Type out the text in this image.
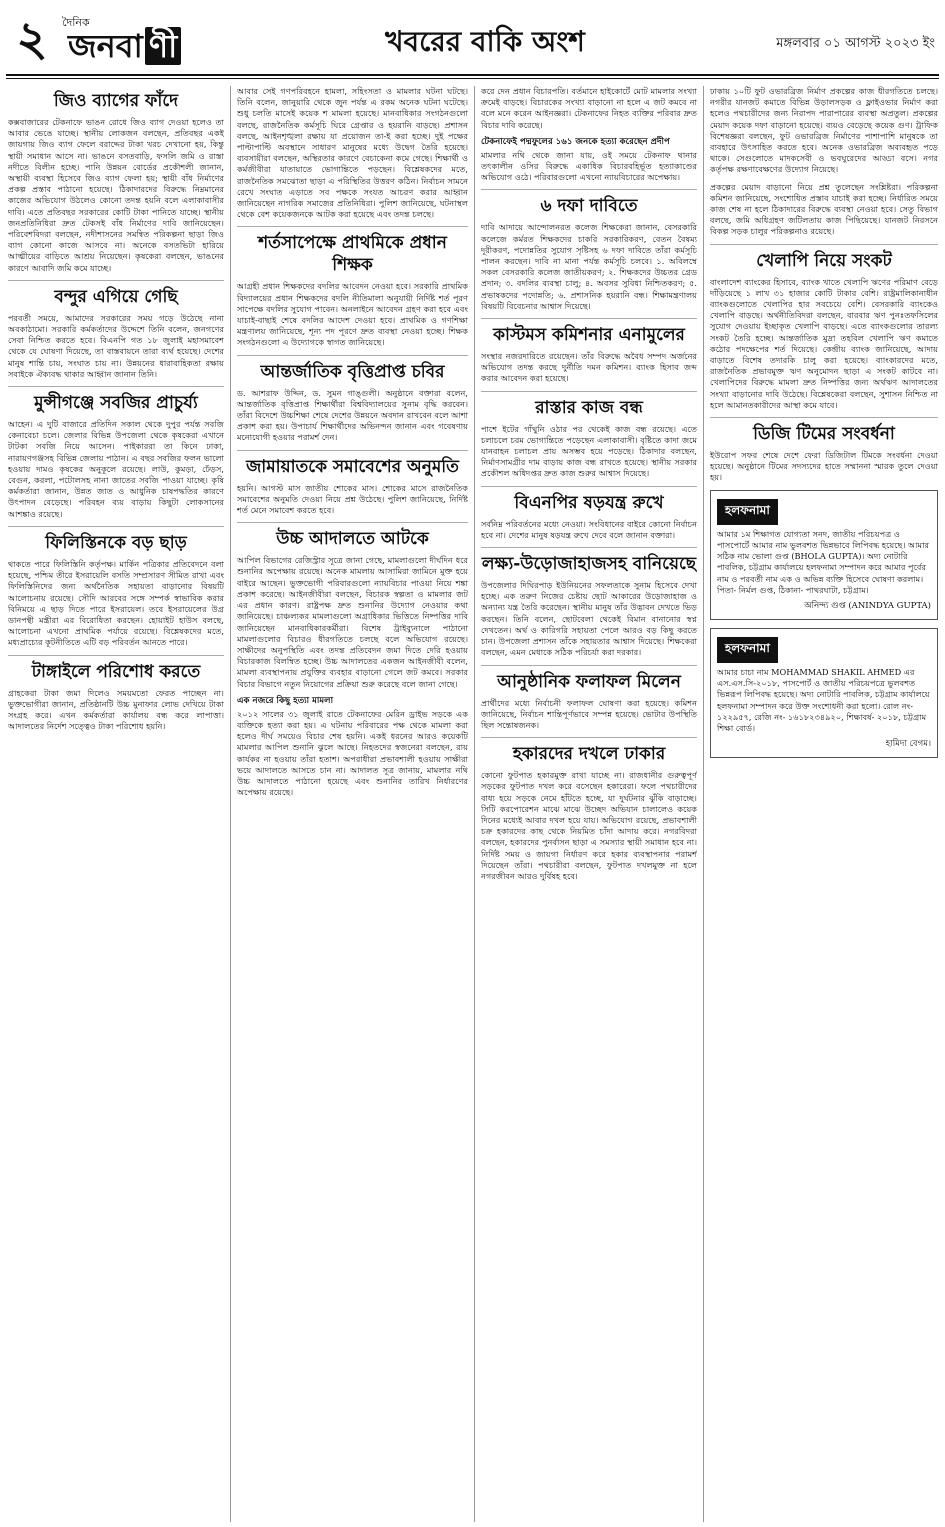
২	দৈনিক
জনবা ণী	খবরের বাকি অংশ	মঙ্গলবার ০১ আগস্ট ২০২৩ ইং
জিও ব্যাগের ফাঁদে

কক্সবাজারের টেকনাফে ভাঙন রোধে জিও ব্যাগ দেওয়া হলেও তা আবার ভেঙে যাচ্ছে। স্থানীয় লোকজন বলছেন, প্রতিবছর একই জায়গায় জিও ব্যাগ ফেলে বরাদ্দের টাকা খরচ দেখানো হয়, কিন্তু স্থায়ী সমাধান আসে না। ভাঙনে বসতবাড়ি, ফসলি জমি ও রাস্তা নদীতে বিলীন হচ্ছে। পানি উন্নয়ন বোর্ডের প্রকৌশলী জানান, অস্থায়ী ব্যবস্থা হিসেবে জিও ব্যাগ ফেলা হয়; স্থায়ী বাঁধ নির্মাণের প্রকল্প প্রস্তাব পাঠানো হয়েছে। ঠিকাদারদের বিরুদ্ধে নিম্নমানের কাজের অভিযোগ উঠলেও কোনো তদন্ত হয়নি বলে এলাকাবাসীর দাবি। এতে প্রতিবছর সরকারের কোটি টাকা পানিতে যাচ্ছে। স্থানীয় জনপ্রতিনিধিরা দ্রুত টেকসই বাঁধ নির্মাণের দাবি জানিয়েছেন। পরিবেশবিদরা বলছেন, নদীশাসনের সমন্বিত পরিকল্পনা ছাড়া জিও ব্যাগ কোনো কাজে আসবে না। অনেকে বসতভিটা হারিয়ে আত্মীয়ের বাড়িতে আশ্রয় নিয়েছেন। কৃষকেরা বলছেন, ভাঙনের কারণে আবাদি জমি কমে যাচ্ছে।

বন্দুর এগিয়ে গেছি

পরবর্তী সময়ে, আমাদের সরকারের সময় গড়ে উঠেছে নানা অবকাঠামো। সরকারি কর্মকর্তাদের উদ্দেশে তিনি বলেন, জনগণের সেবা নিশ্চিত করতে হবে। বিএনপি গত ১৮ জুলাই মহাসমাবেশ থেকে যে ঘোষণা দিয়েছে, তা বাস্তবায়নে তারা ব্যর্থ হয়েছে। দেশের মানুষ শান্তি চায়, সংঘাত চায় না। উন্নয়নের ধারাবাহিকতা রক্ষায় সবাইকে ঐক্যবদ্ধ থাকার আহ্বান জানান তিনি।

মুন্সীগঞ্জে সবজির প্রাচুর্য্য

আহেন। এ দুটি বাজারে প্রতিদিন সকাল থেকে দুপুর পর্যন্ত সবজি কেনাবেচা চলে। জেলার বিভিন্ন উপজেলা থেকে কৃষকেরা এখানে টাটকা সবজি নিয়ে আসেন। পাইকাররা তা কিনে ঢাকা, নারায়ণগঞ্জসহ বিভিন্ন জেলায় পাঠান। এ বছর সবজির ফলন ভালো হওয়ায় দামও কৃষকের অনুকূলে রয়েছে। লাউ, কুমড়া, ঢেঁড়স, বেগুন, করলা, পটোলসহ নানা জাতের সবজি পাওয়া যাচ্ছে। কৃষি কর্মকর্তারা জানান, উন্নত জাত ও আধুনিক চাষপদ্ধতির কারণে উৎপাদন বেড়েছে। পরিবহন ব্যয় বাড়ায় কিছুটা লোকসানের আশঙ্কাও রয়েছে।

ফিলিস্তিনকে বড় ছাড়

থাকতে পারে ফিলিস্তিনি কর্তৃপক্ষ। মার্কিন পত্রিকার প্রতিবেদনে বলা হয়েছে, পশ্চিম তীরে ইসরায়েলি বসতি সম্প্রসারণ সীমিত রাখা এবং ফিলিস্তিনিদের জন্য অর্থনৈতিক সহায়তা বাড়ানোর বিষয়টি আলোচনায় রয়েছে। সৌদি আরবের সঙ্গে সম্পর্ক স্বাভাবিক করার বিনিময়ে এ ছাড় দিতে পারে ইসরায়েল। তবে ইসরায়েলের উগ্র ডানপন্থী মন্ত্রীরা এর বিরোধিতা করছেন। হোয়াইট হাউস বলছে, আলোচনা এখনো প্রাথমিক পর্যায়ে রয়েছে। বিশ্লেষকদের মতে, মধ্যপ্রাচ্যের কূটনীতিতে এটি বড় পরিবর্তন আনতে পারে।

টাঙ্গাইলে পরিশোধ করতে

গ্রাহকেরা টাকা জমা দিলেও সময়মতো ফেরত পাচ্ছেন না। ভুক্তভোগীরা জানান, প্রতিষ্ঠানটি উচ্চ মুনাফার লোভ দেখিয়ে টাকা সংগ্রহ করে। এখন কর্মকর্তারা কার্যালয় বন্ধ করে লাপাত্তা। আদালতের নির্দেশ সত্ত্বেও টাকা পরিশোধ হয়নি।

আবার সেই গণপরিবহনে হামলা, সহিংসতা ও মামলার ঘটনা ঘটছে। তিনি বলেন, জানুয়ারি থেকে জুন পর্যন্ত এ রকম অনেক ঘটনা ঘটেছে। শুধু চলতি মাসেই কয়েক শ মামলা হয়েছে। মানবাধিকার সংগঠনগুলো বলছে, রাজনৈতিক কর্মসূচি ঘিরে গ্রেপ্তার ও হয়রানি বাড়ছে। প্রশাসন বলছে, আইনশৃঙ্খলা রক্ষায় যা প্রয়োজন তা-ই করা হচ্ছে। দুই পক্ষের পাল্টাপাল্টি অবস্থানে সাধারণ মানুষের মধ্যে উদ্বেগ তৈরি হয়েছে। ব্যবসায়ীরা বলছেন, অস্থিরতার কারণে বেচাকেনা কমে গেছে। শিক্ষার্থী ও কর্মজীবীরা যাতায়াতে ভোগান্তিতে পড়ছেন। বিশ্লেষকদের মতে, রাজনৈতিক সমঝোতা ছাড়া এ পরিস্থিতির উত্তরণ কঠিন। নির্বাচন সামনে রেখে সংঘাত এড়াতে সব পক্ষকে সংযত আচরণ করার আহ্বান জানিয়েছেন নাগরিক সমাজের প্রতিনিধিরা। পুলিশ জানিয়েছে, ঘটনাস্থল থেকে বেশ কয়েকজনকে আটক করা হয়েছে এবং তদন্ত চলছে।

শর্তসাপেক্ষে প্রাথমিকে প্রধান শিক্ষক

আগ্রহী প্রধান শিক্ষকদের বদলির আবেদন নেওয়া হবে। সরকারি প্রাথমিক বিদ্যালয়ের প্রধান শিক্ষকদের বদলি নীতিমালা অনুযায়ী নির্দিষ্ট শর্ত পূরণ সাপেক্ষে বদলির সুযোগ পাবেন। অনলাইনে আবেদন গ্রহণ করা হবে এবং যাচাই-বাছাই শেষে বদলির আদেশ দেওয়া হবে। প্রাথমিক ও গণশিক্ষা মন্ত্রণালয় জানিয়েছে, শূন্য পদ পূরণে দ্রুত ব্যবস্থা নেওয়া হচ্ছে। শিক্ষক সংগঠনগুলো এ উদ্যোগকে স্বাগত জানিয়েছে।

আন্তর্জাতিক বৃত্তিপ্রাপ্ত চবির

ড. আশরাফ উদ্দিন, ড. সুমন গাঙ্গুলী। অনুষ্ঠানে বক্তারা বলেন, আন্তর্জাতিক বৃত্তিপ্রাপ্ত শিক্ষার্থীরা বিশ্ববিদ্যালয়ের সুনাম বৃদ্ধি করবেন। তাঁরা বিদেশে উচ্চশিক্ষা শেষে দেশের উন্নয়নে অবদান রাখবেন বলে আশা প্রকাশ করা হয়। উপাচার্য শিক্ষার্থীদের অভিনন্দন জানান এবং গবেষণায় মনোযোগী হওয়ার পরামর্শ দেন।

জামায়াতকে সমাবেশের অনুমতি

হয়নি। আগস্ট মাস জাতীয় শোকের মাস। শোকের মাসে রাজনৈতিক সমাবেশের অনুমতি দেওয়া নিয়ে প্রশ্ন উঠেছে। পুলিশ জানিয়েছে, নির্দিষ্ট শর্ত মেনে সমাবেশ করতে হবে।

উচ্চ আদালতে আটকে

আপিল বিভাগের রেজিস্ট্রার সূত্রে জানা গেছে, মামলাগুলো দীর্ঘদিন ধরে শুনানির অপেক্ষায় রয়েছে। অনেক মামলায় আসামিরা জামিনে মুক্ত হয়ে বাইরে আছেন। ভুক্তভোগী পরিবারগুলো ন্যায়বিচার পাওয়া নিয়ে শঙ্কা প্রকাশ করেছে। আইনজীবীরা বলছেন, বিচারক স্বল্পতা ও মামলার জট এর প্রধান কারণ। রাষ্ট্রপক্ষ দ্রুত শুনানির উদ্যোগ নেওয়ার কথা জানিয়েছে। চাঞ্চল্যকর মামলাগুলো অগ্রাধিকার ভিত্তিতে নিষ্পত্তির দাবি জানিয়েছেন মানবাধিকারকর্মীরা। বিশেষ ট্রাইব্যুনালে পাঠানো মামলাগুলোর বিচারও ধীরগতিতে চলছে বলে অভিযোগ রয়েছে। সাক্ষীদের অনুপস্থিতি এবং তদন্ত প্রতিবেদন জমা দিতে দেরি হওয়ায় বিচারকাজ বিলম্বিত হচ্ছে। উচ্চ আদালতের একজন আইনজীবী বলেন, মামলা ব্যবস্থাপনায় প্রযুক্তির ব্যবহার বাড়ানো গেলে জট কমবে। সরকার বিচার বিভাগে নতুন নিয়োগের প্রক্রিয়া শুরু করেছে বলে জানা গেছে।

এক নজরে কিছু হত্যা মামলা

২০১২ সালের ৩১ জুলাই রাতে টেকনাফের মেরিন ড্রাইভ সড়কে এক ব্যক্তিকে হত্যা করা হয়। এ ঘটনায় পরিবারের পক্ষ থেকে মামলা করা হলেও দীর্ঘ সময়েও বিচার শেষ হয়নি। একই ধরনের আরও কয়েকটি মামলার আপিল শুনানি ঝুলে আছে। নিহতদের স্বজনেরা বলছেন, রায় কার্যকর না হওয়ায় তাঁরা হতাশ। অপরাধীরা প্রভাবশালী হওয়ায় সাক্ষীরা ভয়ে আদালতে আসতে চান না। আদালত সূত্র জানায়, মামলার নথি উচ্চ আদালতে পাঠানো হয়েছে এবং শুনানির তারিখ নির্ধারণের অপেক্ষায় রয়েছে।

করে দেন প্রধান বিচারপতি। বর্তমানে হাইকোর্টে মোট মামলার সংখ্যা ক্রমেই বাড়ছে। বিচারকের সংখ্যা বাড়ানো না হলে এ জট কমবে না বলে মনে করেন আইনজ্ঞরা। টেকনাফের নিহত ব্যক্তির পরিবার দ্রুত বিচার দাবি করেছে।

টেকনাফেই পদ্মফুলের ১৬১ জনকে হত্যা করেছেন প্রদীপ

মামলার নথি থেকে জানা যায়, ওই সময়ে টেকনাফ থানার তৎকালীন ওসির বিরুদ্ধে একাধিক বিচারবহির্ভূত হত্যাকাণ্ডের অভিযোগ ওঠে। পরিবারগুলো এখনো ন্যায়বিচারের অপেক্ষায়।

৬ দফা দাবিতে

দাবি আদায়ে আন্দোলনরত কলেজ শিক্ষকেরা জানান, বেসরকারি কলেজে কর্মরত শিক্ষকদের চাকরি সরকারিকরণ, বেতন বৈষম্য দূরীকরণ, পদোন্নতির সুযোগ সৃষ্টিসহ ৬ দফা দাবিতে তাঁরা কর্মসূচি পালন করছেন। দাবি না মানা পর্যন্ত কর্মসূচি চলবে। ১. অবিলম্বে সকল বেসরকারি কলেজ জাতীয়করণ; ২. শিক্ষকদের উচ্চতর গ্রেড প্রদান; ৩. বদলির ব্যবস্থা চালু; ৪. অবসর সুবিধা নিশ্চিতকরণ; ৫. প্রভাষকদের পদোন্নতি; ৬. প্রশাসনিক হয়রানি বন্ধ। শিক্ষামন্ত্রণালয় বিষয়টি বিবেচনার আশ্বাস দিয়েছে।

কাস্টমস কমিশনার এনামুলের

সংস্থার নজরদারিতে রয়েছেন। তাঁর বিরুদ্ধে অবৈধ সম্পদ অর্জনের অভিযোগ তদন্ত করছে দুর্নীতি দমন কমিশন। ব্যাংক হিসাব জব্দ করার আবেদন করা হয়েছে।

রাস্তার কাজ বন্ধ

পাশে ইটের গাঁথুনি ওঠার পর থেকেই কাজ বন্ধ রয়েছে। এতে চলাচলে চরম ভোগান্তিতে পড়েছেন এলাকাবাসী। বৃষ্টিতে কাদা জমে যানবাহন চলাচল প্রায় অসম্ভব হয়ে পড়েছে। ঠিকাদার বলছেন, নির্মাণসামগ্রীর দাম বাড়ায় কাজ বন্ধ রাখতে হয়েছে। স্থানীয় সরকার প্রকৌশল অধিদপ্তর দ্রুত কাজ শুরুর আশ্বাস দিয়েছে।

বিএনপির ষড়যন্ত্র রুখে

সর্বনিম্ন পরিবর্তনের মধ্যে নেওয়া। সংবিধানের বাইরে কোনো নির্বাচন হবে না। দেশের মানুষ ষড়যন্ত্র রুখে দেবে বলে জানান বক্তারা।

লক্ষ্য-উড়োজাহাজসহ বানিয়েছে

উপজেলার দিঘিরপাড় ইউনিয়নের সফলতাকে সুনাম হিসেবে দেখা হচ্ছে। এক তরুণ নিজের চেষ্টায় ছোট আকারের উড়োজাহাজ ও অন্যান্য যন্ত্র তৈরি করেছেন। স্থানীয় মানুষ তাঁর উদ্ভাবন দেখতে ভিড় করছেন। তিনি বলেন, ছোটবেলা থেকেই বিমান বানানোর স্বপ্ন দেখতেন। অর্থ ও কারিগরি সহায়তা পেলে আরও বড় কিছু করতে চান। উপজেলা প্রশাসন তাঁকে সহায়তার আশ্বাস দিয়েছে। শিক্ষকেরা বলছেন, এমন মেধাকে সঠিক পরিচর্যা করা দরকার।

আনুষ্ঠানিক ফলাফল মিলেন

প্রার্থীদের মধ্যে নির্বাচনী ফলাফল ঘোষণা করা হয়েছে। কমিশন জানিয়েছে, নির্বাচন শান্তিপূর্ণভাবে সম্পন্ন হয়েছে। ভোটার উপস্থিতি ছিল সন্তোষজনক।

হকারদের দখলে ঢাকার

কোনো ফুটপাত হকারমুক্ত রাখা যাচ্ছে না। রাজধানীর গুরুত্বপূর্ণ সড়কের ফুটপাত দখল করে বসেছেন হকারেরা। ফলে পথচারীদের বাধ্য হয়ে সড়কে নেমে হাঁটতে হচ্ছে, যা দুর্ঘটনার ঝুঁকি বাড়াচ্ছে। সিটি করপোরেশন মাঝে মাঝে উচ্ছেদ অভিযান চালালেও কয়েক দিনের মধ্যেই আবার দখল হয়ে যায়। অভিযোগ রয়েছে, প্রভাবশালী চক্র হকারদের কাছ থেকে নিয়মিত চাঁদা আদায় করে। নগরবিদরা বলছেন, হকারদের পুনর্বাসন ছাড়া এ সমস্যার স্থায়ী সমাধান হবে না। নির্দিষ্ট সময় ও জায়গা নির্ধারণ করে হকার ব্যবস্থাপনার পরামর্শ দিয়েছেন তাঁরা। পথচারীরা বলছেন, ফুটপাত দখলমুক্ত না হলে নগরজীবন আরও দুর্বিষহ হবে।

ঢাকায় ১০টি ফুট ওভারব্রিজ নির্মাণ প্রকল্পের কাজ ধীরগতিতে চলছে। নগরীর যানজট কমাতে বিভিন্ন উড়ালসড়ক ও ফ্লাইওভার নির্মাণ করা হলেও পথচারীদের জন্য নিরাপদ পারাপারের ব্যবস্থা অপ্রতুল। প্রকল্পের মেয়াদ কয়েক দফা বাড়ানো হয়েছে। ব্যয়ও বেড়েছে কয়েক গুণ। ট্রাফিক বিশেষজ্ঞরা বলছেন, ফুট ওভারব্রিজ নির্মাণের পাশাপাশি মানুষকে তা ব্যবহারে উৎসাহিত করতে হবে। অনেক ওভারব্রিজ অব্যবহৃত পড়ে থাকে। সেগুলোতে মাদকসেবী ও ভবঘুরেদের আড্ডা বসে। নগর কর্তৃপক্ষ রক্ষণাবেক্ষণের উদ্যোগ নিয়েছে।

প্রকল্পের মেয়াদ বাড়ানো নিয়ে প্রশ্ন তুলেছেন সংশ্লিষ্টরা। পরিকল্পনা কমিশন জানিয়েছে, সংশোধিত প্রস্তাব যাচাই করা হচ্ছে। নির্ধারিত সময়ে কাজ শেষ না হলে ঠিকাদারের বিরুদ্ধে ব্যবস্থা নেওয়া হবে। সেতু বিভাগ বলছে, জমি অধিগ্রহণ জটিলতায় কাজ পিছিয়েছে। যানজট নিরসনে বিকল্প সড়ক চালুর পরিকল্পনাও রয়েছে।

খেলাপি নিয়ে সংকট

বাংলাদেশ ব্যাংকের হিসাবে, ব্যাংক খাতে খেলাপি ঋণের পরিমাণ বেড়ে দাঁড়িয়েছে ১ লাখ ৩১ হাজার কোটি টাকার বেশি। রাষ্ট্রমালিকানাধীন ব্যাংকগুলোতে খেলাপির হার সবচেয়ে বেশি। বেসরকারি ব্যাংকেও খেলাপি বাড়ছে। অর্থনীতিবিদরা বলছেন, বারবার ঋণ পুনঃতফসিলের সুযোগ দেওয়ায় ইচ্ছাকৃত খেলাপি বাড়ছে। এতে ব্যাংকগুলোর তারল্য সংকট তৈরি হচ্ছে। আন্তর্জাতিক মুদ্রা তহবিল খেলাপি ঋণ কমাতে কঠোর পদক্ষেপের শর্ত দিয়েছে। কেন্দ্রীয় ব্যাংক জানিয়েছে, আদায় বাড়াতে বিশেষ তদারকি চালু করা হয়েছে। ব্যাংকারদের মতে, রাজনৈতিক প্রভাবমুক্ত ঋণ অনুমোদন ছাড়া এ সংকট কাটবে না। খেলাপিদের বিরুদ্ধে মামলা দ্রুত নিষ্পত্তির জন্য অর্থঋণ আদালতের সংখ্যা বাড়ানোর দাবি উঠেছে। বিশ্লেষকেরা বলছেন, সুশাসন নিশ্চিত না হলে আমানতকারীদের আস্থা কমে যাবে।

ডিজি টিমের সংবর্ধনা

ইউরোপ সফর শেষে দেশে ফেরা ডিজিটাল টিমকে সংবর্ধনা দেওয়া হয়েছে। অনুষ্ঠানে টিমের সদস্যদের হাতে সম্মাননা স্মারক তুলে দেওয়া হয়।

হলফনামা

আমার ১ম শিক্ষাগত যোগ্যতা সনদ, জাতীয় পরিচয়পত্র ও পাসপোর্টে আমার নাম ভুলবশত ভিন্নভাবে লিপিবদ্ধ হয়েছে। আমার সঠিক নাম ভোলা গুপ্ত (BHOLA GUPTA)। অদ্য নোটারি পাবলিক, চট্টগ্রাম কার্যালয়ে হলফনামা সম্পাদন করে আমার পূর্বের নাম ও পরবর্তী নাম এক ও অভিন্ন ব্যক্তি হিসেবে ঘোষণা করলাম। পিতা- নির্মল গুপ্ত, ঠিকানা- পাথরঘাটা, চট্টগ্রাম।

অনিন্দ্য গুপ্ত (ANINDYA GUPTA)
হলফনামা

আমার চাচা নাম MOHAMMAD SHAKIL AHMED এর এস.এস.সি-২০১৮, পাসপোর্ট ও জাতীয় পরিচয়পত্রে ভুলবশত ভিন্নরূপ লিপিবদ্ধ হয়েছে। অদ্য নোটারি পাবলিক, চট্টগ্রাম কার্যালয়ে হলফনামা সম্পাদন করে উক্ত সংশোধনী করা হলো। রোল নং- ১২২৯৫৭, রেজি নং- ১৬১৮২৩৪৯২০, শিক্ষাবর্ষ- ২০১৮, চট্টগ্রাম শিক্ষা বোর্ড।

হামিদা বেগম।
